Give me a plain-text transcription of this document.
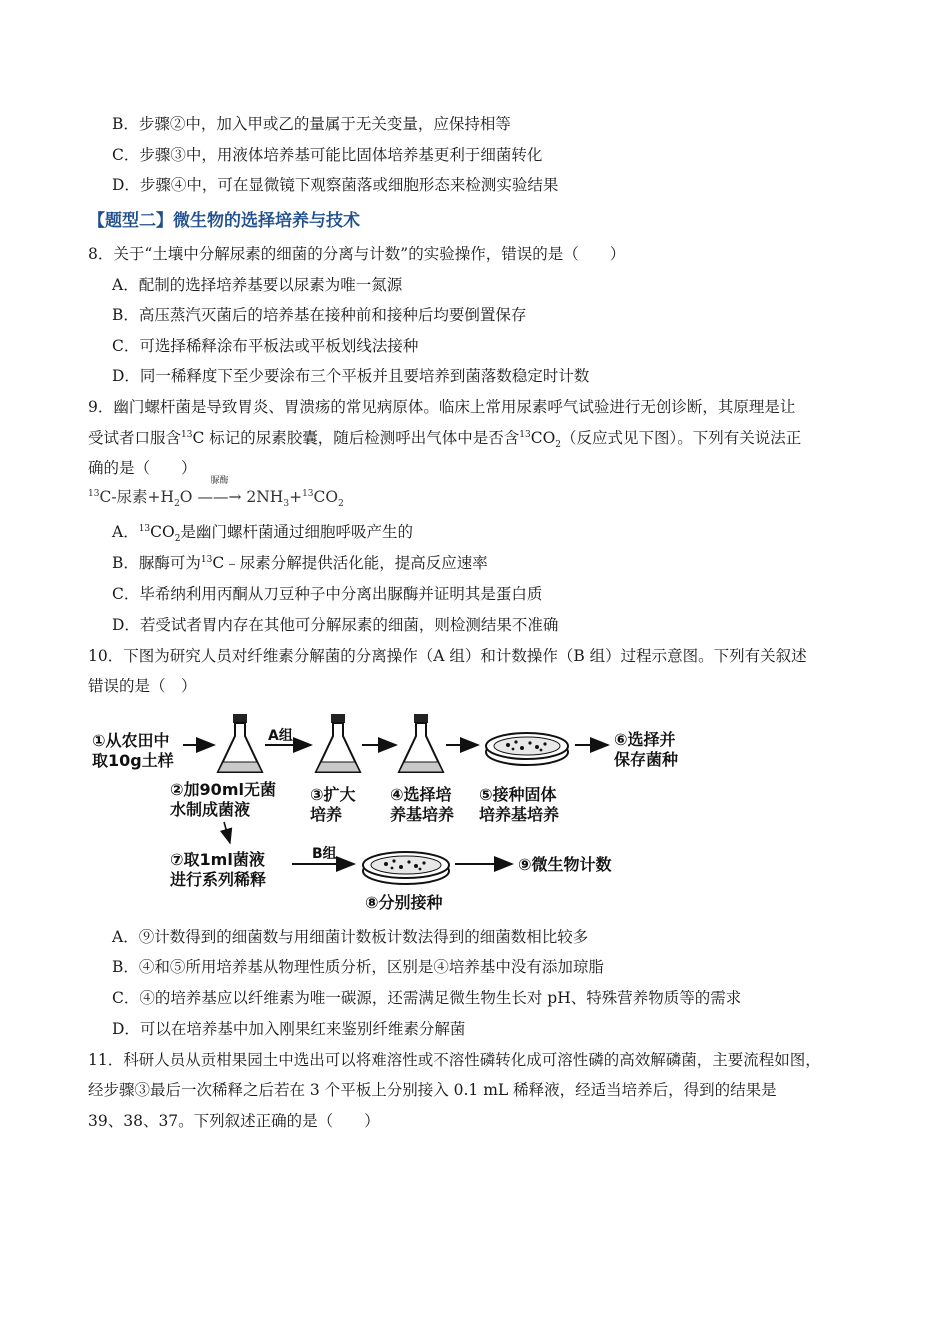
B．步骤②中，加入甲或乙的量属于无关变量，应保持相等
C．步骤③中，用液体培养基可能比固体培养基更利于细菌转化
D．步骤④中，可在显微镜下观察菌落或细胞形态来检测实验结果
【题型二】微生物的选择培养与技术
8．关于“土壤中分解尿素的细菌的分离与计数”的实验操作，错误的是（　　）
A．配制的选择培养基要以尿素为唯一氮源
B．高压蒸汽灭菌后的培养基在接种前和接种后均要倒置保存
C．可选择稀释涂布平板法或平板划线法接种
D．同一稀释度下至少要涂布三个平板并且要培养到菌落数稳定时计数
9．幽门螺杆菌是导致胃炎、胃溃疡的常见病原体。临床上常用尿素呼气试验进行无创诊断，其原理是让
受试者口服含$^{13}$C 标记的尿素胶囊，随后检测呼出气体中是否含$^{13}CO_2$（反应式见下图）。下列有关说法正
确的是（　　）
$^{13}$C-尿素$+H_2O$
脲酶
——→ $2NH_3+^{13}CO_2$
A．$^{13}CO_2$是幽门螺杆菌通过细胞呼吸产生的
B．脲酶可为$^{13}$C﹣尿素分解提供活化能，提高反应速率
C．毕希纳利用丙酮从刀豆种子中分离出脲酶并证明其是蛋白质
D．若受试者胃内存在其他可分解尿素的细菌，则检测结果不准确
10．下图为研究人员对纤维素分解菌的分离操作（A 组）和计数操作（B 组）过程示意图。下列有关叙述
错误的是（　）
①从农田中
取10g土样
A组	⑥选择并
保存菌种
②加90ml无菌
水制成菌液
③扩大
培养
④选择培
养基培养
⑤接种固体
培养基培养
⑦取1ml菌液
进行系列稀释
B组
⑧分别接种
⑨微生物计数
A．⑨计数得到的细菌数与用细菌计数板计数法得到的细菌数相比较多
B．④和⑤所用培养基从物理性质分析，区别是④培养基中没有添加琼脂
C．④的培养基应以纤维素为唯一碳源，还需满足微生物生长对 pH、特殊营养物质等的需求
D．可以在培养基中加入刚果红来鉴别纤维素分解菌
11．科研人员从贡柑果园土中选出可以将难溶性或不溶性磷转化成可溶性磷的高效解磷菌，主要流程如图，
经步骤③最后一次稀释之后若在 3 个平板上分别接入 0.1 mL 稀释液，经适当培养后，得到的结果是
39、38、37。下列叙述正确的是（　　）
